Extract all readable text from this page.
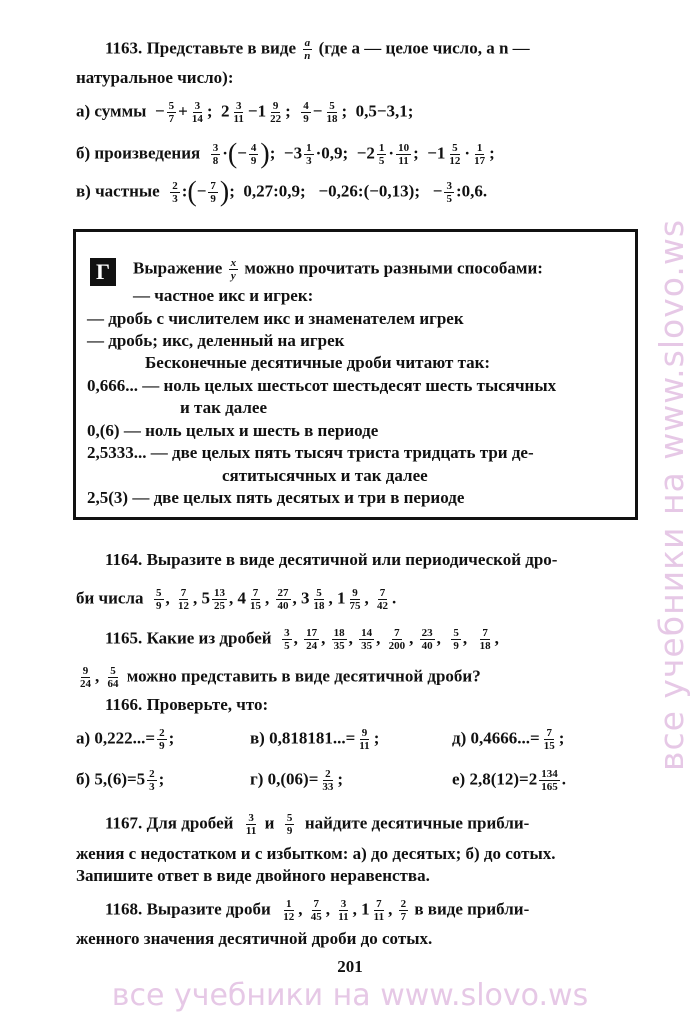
1163. Представьте в виде $\frac{a}{n} (где$ a — целое число, a n —
натуральное число):
а) суммы − $\frac{5}{7} + \frac{3}{14}$ ;  $2 \frac{3}{11} -1 \frac{9}{22}$ ; $\frac{4}{9} - \frac{5}{18}$ ;  0,5−3,1;
б) произведения $\frac{3}{8}$ ·(− $\frac{4}{9}$ );  $-3 \frac{1}{3} \cdot 0,9$; $-2 \frac{1}{5} \cdot \frac{10}{11}$ ;  $-1 \frac{5}{12} \cdot \frac{1}{17}$ ;
в) частные $\frac{2}{3}$ :(− $\frac{7}{9}$ );  0,27:0,9; −0,26:(−0,13);   − $\frac{3}{5}$ :0,6.
Г	Выражение $\frac{x}{y}$ можно прочитать разными способами:
— частное икс и игрек:
— дробь с числителем икс и знаменателем игрек
— дробь; икс, деленный на игрек
Бесконечные десятичные дроби читают так:
0,666... — ноль целых шестьсот шестьдесят шесть тысячных
и так далее
0,(6) — ноль целых и шесть в периоде
2,5333... — две целых пять тысяч триста тридцать три де-
сятитысячных и так далее
2,5(3) — две целых пять десятых и три в периоде
1164. Выразите в виде десятичной или периодической дро-
би числа $\frac{5}{9}$ , $\frac{7}{12}$ , $5 \frac{13}{25}$ , $4 \frac{7}{15}$ , $\frac{27}{40}$ , $3 \frac{5}{18}$ , $1 \frac{9}{75}$ , $\frac{7}{42}$ .
1165. Какие из дробей $\frac{3}{5}$ , $\frac{17}{24}$ , $\frac{18}{35}$ , $\frac{14}{35}$ , $\frac{7}{200}$ , $\frac{23}{40}$ , $\frac{5}{9}$ , $\frac{7}{18}$ ,
$\frac{9}{24}$ , $\frac{5}{64}$ можно представить в виде десятичной дроби?
1166. Проверьте, что:
а) $0,222...= \frac{2}{9}$ ;	в) $0,818181...= \frac{9}{11}$ ;	д) $0,4666...= \frac{7}{15}$ ;
б) $5,(6)=5 \frac{2}{3}$ ;	г) $0,(06)= \frac{2}{33}$ ;	е) $2,8(12)=2 \frac{134}{165}$ .
1167. Для дробей $\frac{3}{11}$ и $\frac{5}{9}$ найдите десятичные прибли-
жения с недостатком и с избытком: а) до десятых; б) до сотых.
Запишите ответ в виде двойного неравенства.
1168. Выразите дроби $\frac{1}{12}$ , $\frac{7}{45}$ , $\frac{3}{11}$ , $1 \frac{7}{11}$ , $\frac{2}{7}$ в виде прибли-
женного значения десятичной дроби до сотых.
201
все учебники на www.slovo.ws
все учебники на www.slovo.ws
